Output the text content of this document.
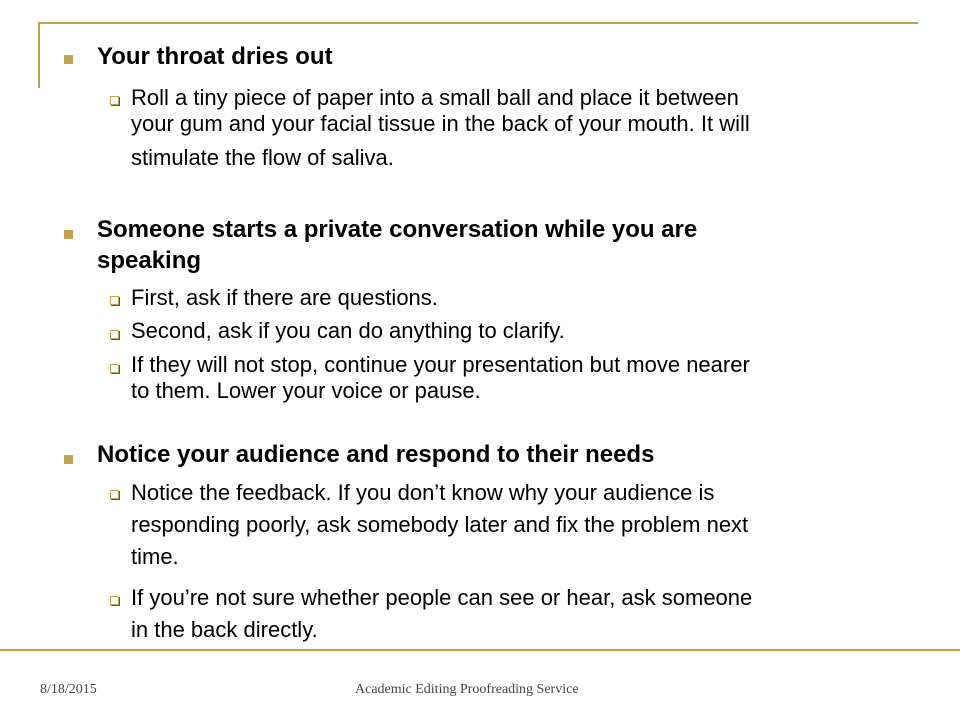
Your throat dries out
Roll a tiny piece of paper into a small ball and place it between
your gum and your facial tissue in the back of your mouth. It will
stimulate the flow of saliva.
Someone starts a private conversation while you are
speaking
First, ask if there are questions.
Second, ask if you can do anything to clarify.
If they will not stop, continue your presentation but move nearer
to them. Lower your voice or pause.
Notice your audience and respond to their needs
Notice the feedback. If you don’t know why your audience is
responding poorly, ask somebody later and fix the problem next
time.
If you’re not sure whether people can see or hear, ask someone
in the back directly.
8/18/2015	Academic Editing Proofreading Service
